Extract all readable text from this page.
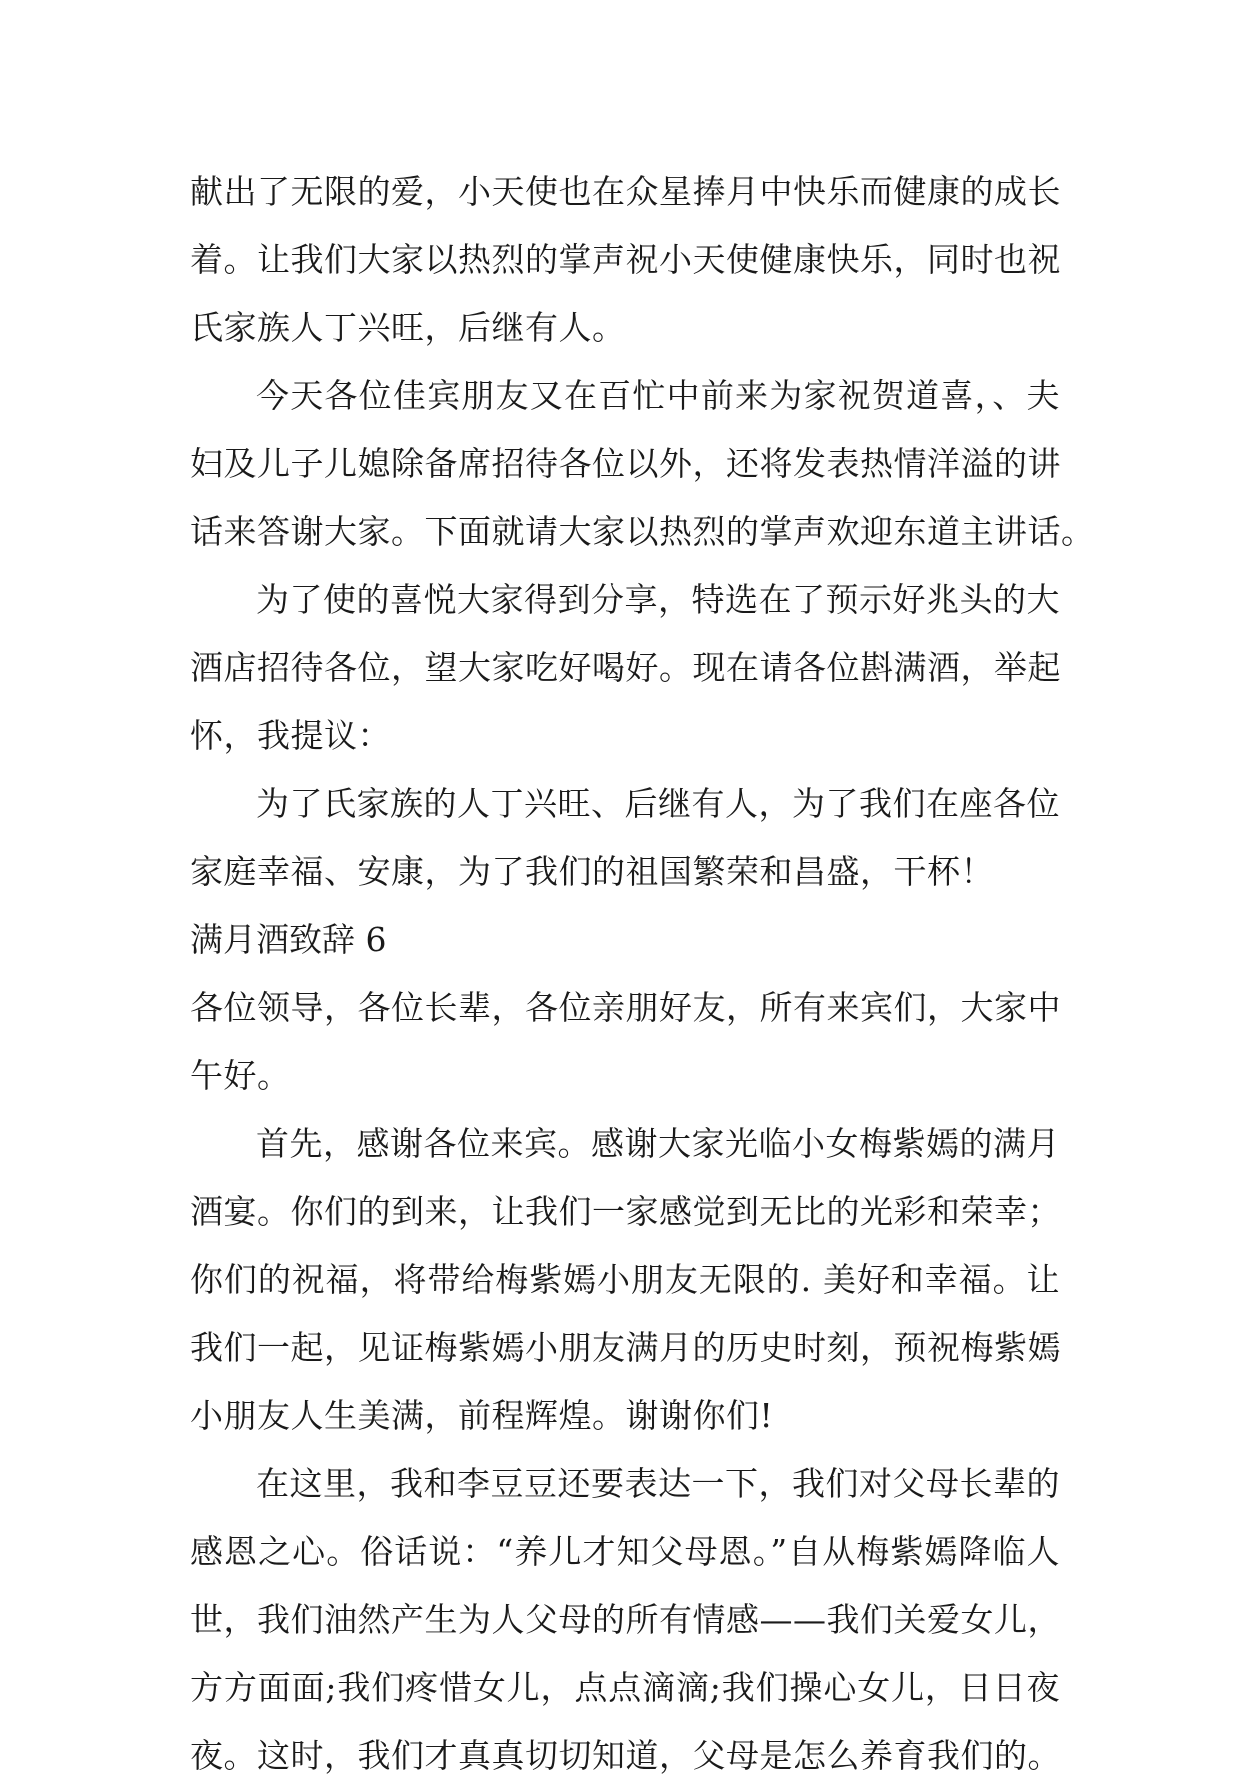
献出了无限的爱，小天使也在众星捧月中快乐而健康的成长
着。让我们大家以热烈的掌声祝小天使健康快乐，同时也祝
氏家族人丁兴旺，后继有人。
今天各位佳宾朋友又在百忙中前来为家祝贺道喜，、夫
妇及儿子儿媳除备席招待各位以外，还将发表热情洋溢的讲
话来答谢大家。下面就请大家以热烈的掌声欢迎东道主讲话。
为了使的喜悦大家得到分享，特选在了预示好兆头的大
酒店招待各位，望大家吃好喝好。现在请各位斟满酒，举起
怀，我提议：
为了氏家族的人丁兴旺、后继有人，为了我们在座各位
家庭幸福、安康，为了我们的祖国繁荣和昌盛，干杯！
满月酒致辞 6
各位领导，各位长辈，各位亲朋好友，所有来宾们，大家中
午好。
首先，感谢各位来宾。感谢大家光临小女梅紫嫣的满月
酒宴。你们的到来，让我们一家感觉到无比的光彩和荣幸；
你们的祝福，将带给梅紫嫣小朋友无限的. 美好和幸福。让
我们一起，见证梅紫嫣小朋友满月的历史时刻，预祝梅紫嫣
小朋友人生美满，前程辉煌。谢谢你们!
在这里，我和李豆豆还要表达一下，我们对父母长辈的
感恩之心。俗话说：“养儿才知父母恩。”自从梅紫嫣降临人
世，我们油然产生为人父母的所有情感——我们关爱女儿，
方方面面;我们疼惜女儿，点点滴滴;我们操心女儿，日日夜
夜。这时，我们才真真切切知道，父母是怎么养育我们的。
